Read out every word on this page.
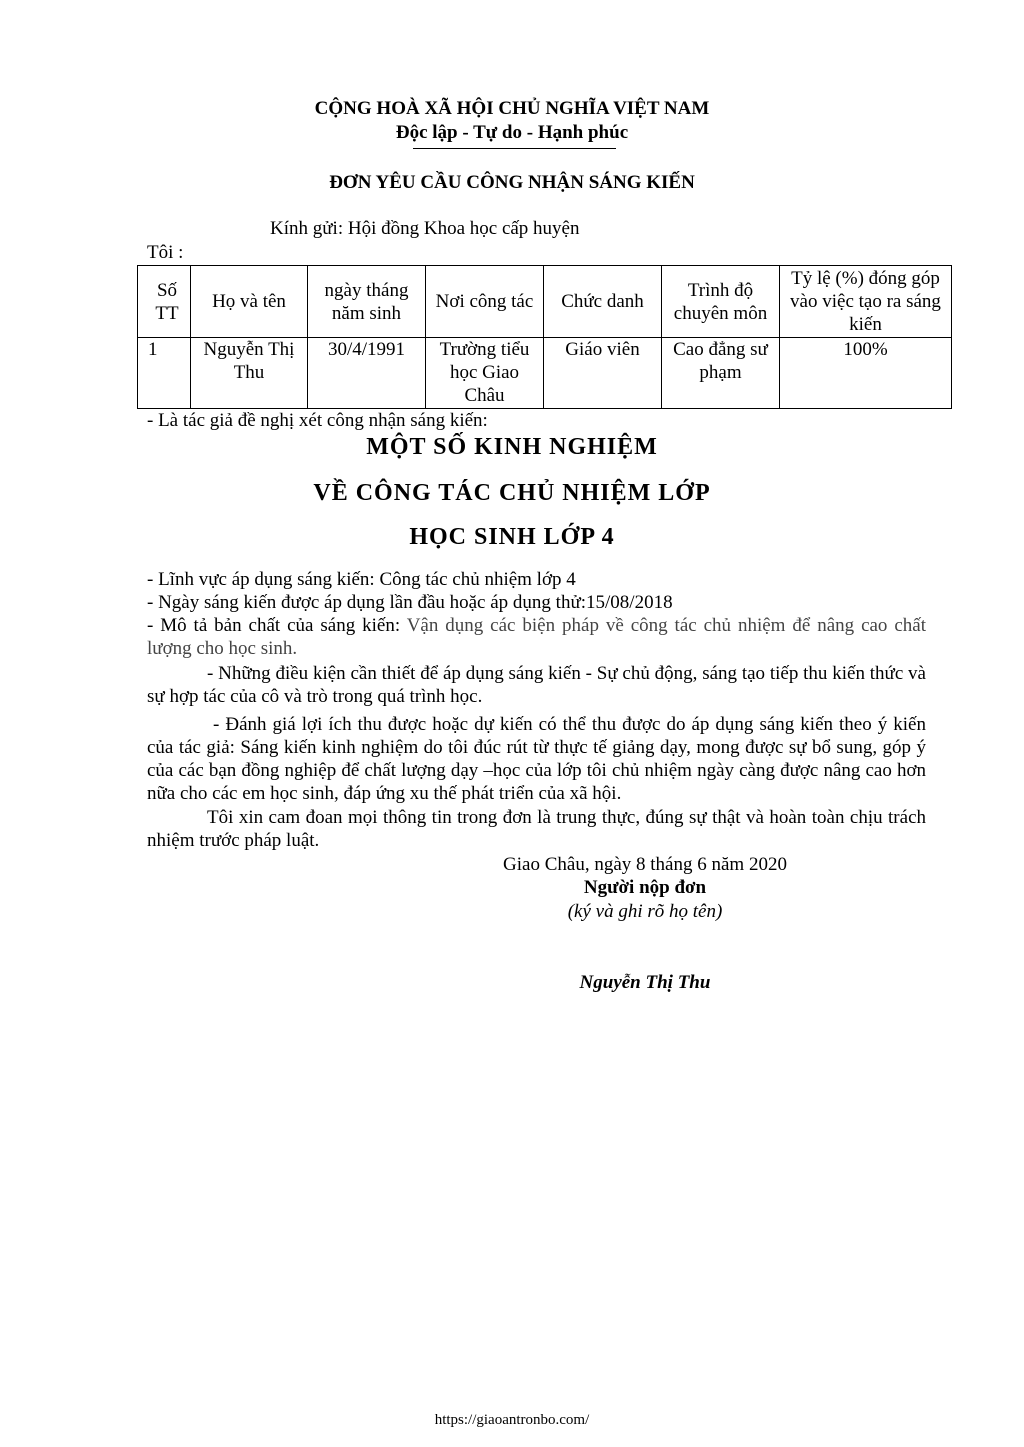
CỘNG HOÀ XÃ HỘI CHỦ NGHĨA VIỆT NAM
Độc lập - Tự do - Hạnh phúc
ĐƠN YÊU CẦU CÔNG NHẬN SÁNG KIẾN
Kính gửi: Hội đồng Khoa học cấp huyện
Tôi :
Số TT	Họ và tên	ngày tháng năm sinh	Nơi công tác	Chức danh	Trình độ chuyên môn	Tỷ lệ (%) đóng góp vào việc tạo ra sáng kiến
1	Nguyễn Thị Thu	30/4/1991	Trường tiểu học Giao Châu	Giáo viên	Cao đẳng sư phạm	100%
- Là tác giả đề nghị xét công nhận sáng kiến:
MỘT SỐ KINH NGHIỆM
VỀ CÔNG TÁC CHỦ NHIỆM LỚP
HỌC SINH LỚP 4
- Lĩnh vực áp dụng sáng kiến: Công tác chủ nhiệm lớp 4
- Ngày sáng kiến được áp dụng lần đầu hoặc áp dụng thử:15/08/2018
- Mô tả bản chất của sáng kiến: Vận dụng các biện pháp về công tác chủ nhiệm để nâng cao chất lượng cho học sinh.
- Những điều kiện cần thiết để áp dụng sáng kiến - Sự chủ động, sáng tạo tiếp thu kiến thức và sự hợp tác của cô và trò trong quá trình học.
- Đánh giá lợi ích thu được hoặc dự kiến có thể thu được do áp dụng sáng kiến theo ý kiến của tác giả: Sáng kiến kinh nghiệm do tôi đúc rút từ thực tế giảng dạy, mong được sự bổ sung, góp ý của các bạn đồng nghiệp để chất lượng dạy –học của lớp tôi chủ nhiệm ngày càng được nâng cao hơn nữa cho các em học sinh, đáp ứng xu thế phát triển của xã hội.
Tôi xin cam đoan mọi thông tin trong đơn là trung thực, đúng sự thật và hoàn toàn chịu trách nhiệm trước pháp luật.
Giao Châu, ngày 8 tháng 6 năm 2020
Người nộp đơn
(ký và ghi rõ họ tên)
Nguyễn Thị Thu
https://giaoantronbo.com/
